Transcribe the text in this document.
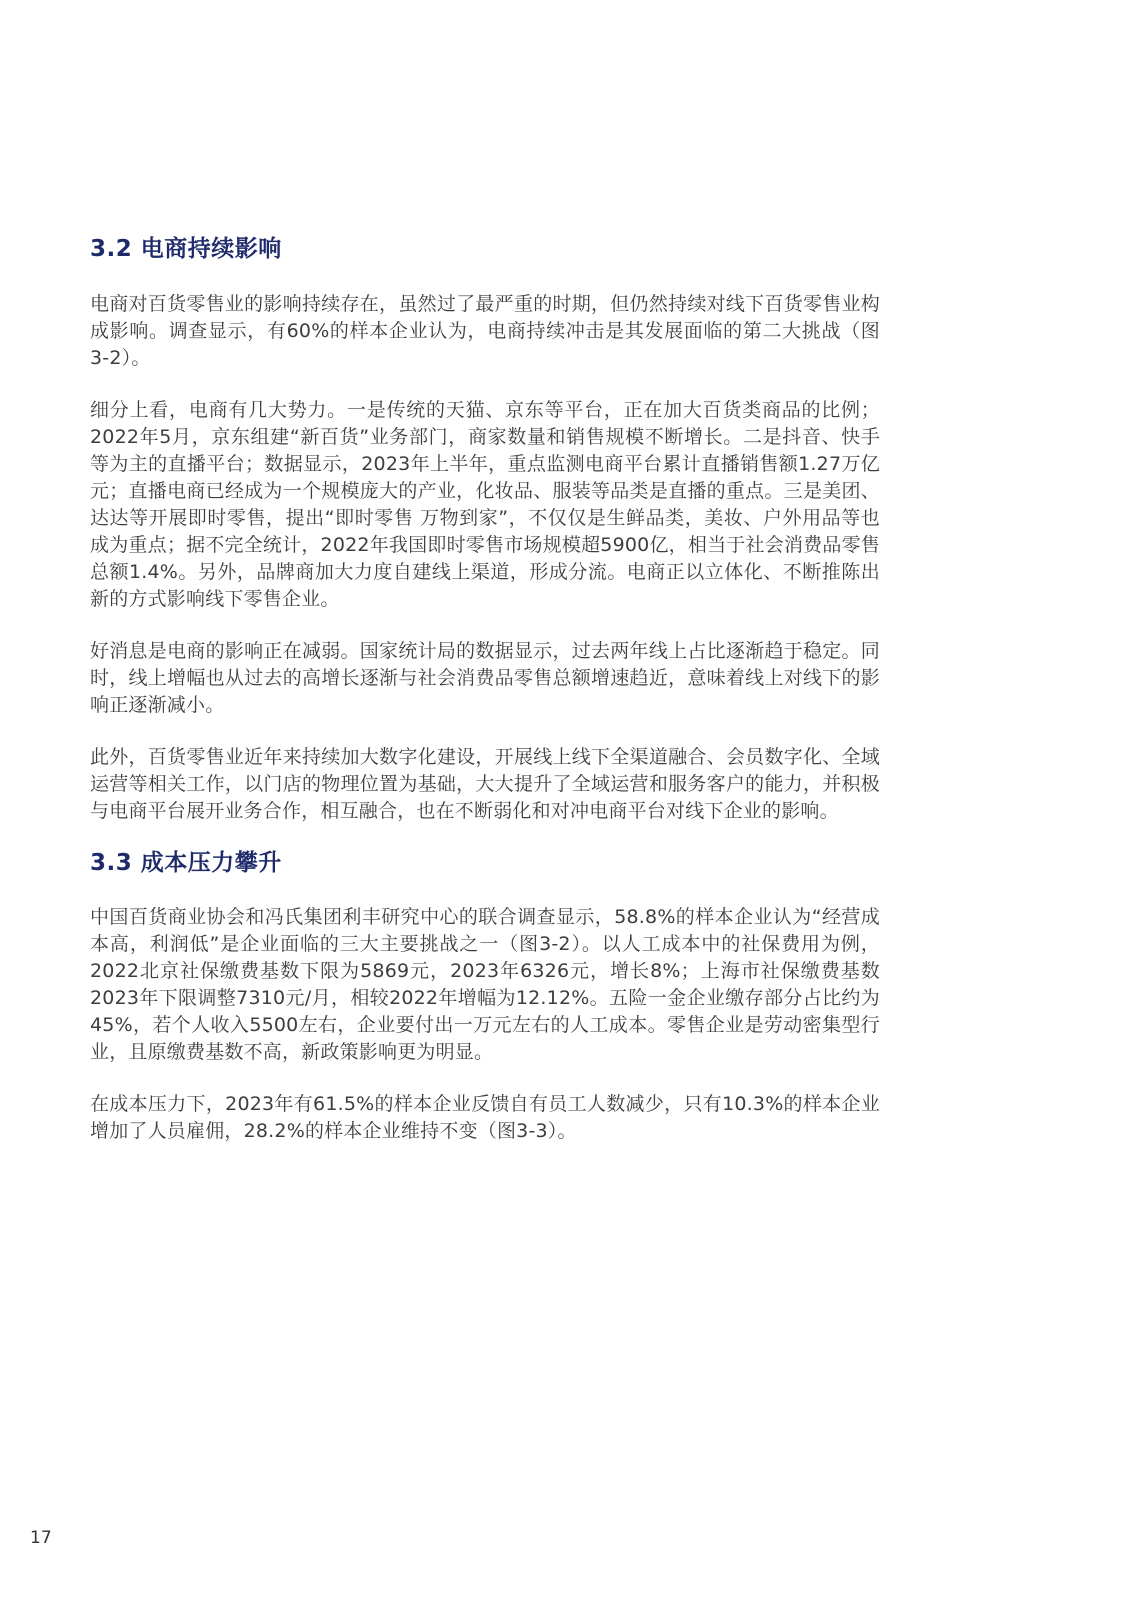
3.2 电商持续影响

电商对百货零售业的影响持续存在，虽然过了最严重的时期，但仍然持续对线下百货零售业构成影响。调查显示，有60%的样本企业认为，电商持续冲击是其发展面临的第二大挑战（图3-2）。

细分上看，电商有几大势力。一是传统的天猫、京东等平台，正在加大百货类商品的比例；2022年5月，京东组建“新百货”业务部门，商家数量和销售规模不断增长。二是抖音、快手等为主的直播平台；数据显示，2023年上半年，重点监测电商平台累计直播销售额1.27万亿元；直播电商已经成为一个规模庞大的产业，化妆品、服装等品类是直播的重点。三是美团、达达等开展即时零售，提出“即时零售 万物到家”，不仅仅是生鲜品类，美妆、户外用品等也成为重点；据不完全统计，2022年我国即时零售市场规模超5900亿，相当于社会消费品零售总额1.4%。另外，品牌商加大力度自建线上渠道，形成分流。电商正以立体化、不断推陈出新的方式影响线下零售企业。

好消息是电商的影响正在减弱。国家统计局的数据显示，过去两年线上占比逐渐趋于稳定。同时，线上增幅也从过去的高增长逐渐与社会消费品零售总额增速趋近，意味着线上对线下的影响正逐渐减小。

此外，百货零售业近年来持续加大数字化建设，开展线上线下全渠道融合、会员数字化、全域运营等相关工作，以门店的物理位置为基础，大大提升了全域运营和服务客户的能力，并积极与电商平台展开业务合作，相互融合，也在不断弱化和对冲电商平台对线下企业的影响。

3.3 成本压力攀升

中国百货商业协会和冯氏集团利丰研究中心的联合调查显示，58.8%的样本企业认为“经营成本高，利润低”是企业面临的三大主要挑战之一（图3-2）。以人工成本中的社保费用为例，2022北京社保缴费基数下限为5869元，2023年6326元，增长8%；上海市社保缴费基数2023年下限调整7310元/月，相较2022年增幅为12.12%。五险一金企业缴存部分占比约为45%，若个人收入5500左右，企业要付出一万元左右的人工成本。零售企业是劳动密集型行业，且原缴费基数不高，新政策影响更为明显。

在成本压力下，2023年有61.5%的样本企业反馈自有员工人数减少，只有10.3%的样本企业增加了人员雇佣，28.2%的样本企业维持不变（图3-3）。

17
